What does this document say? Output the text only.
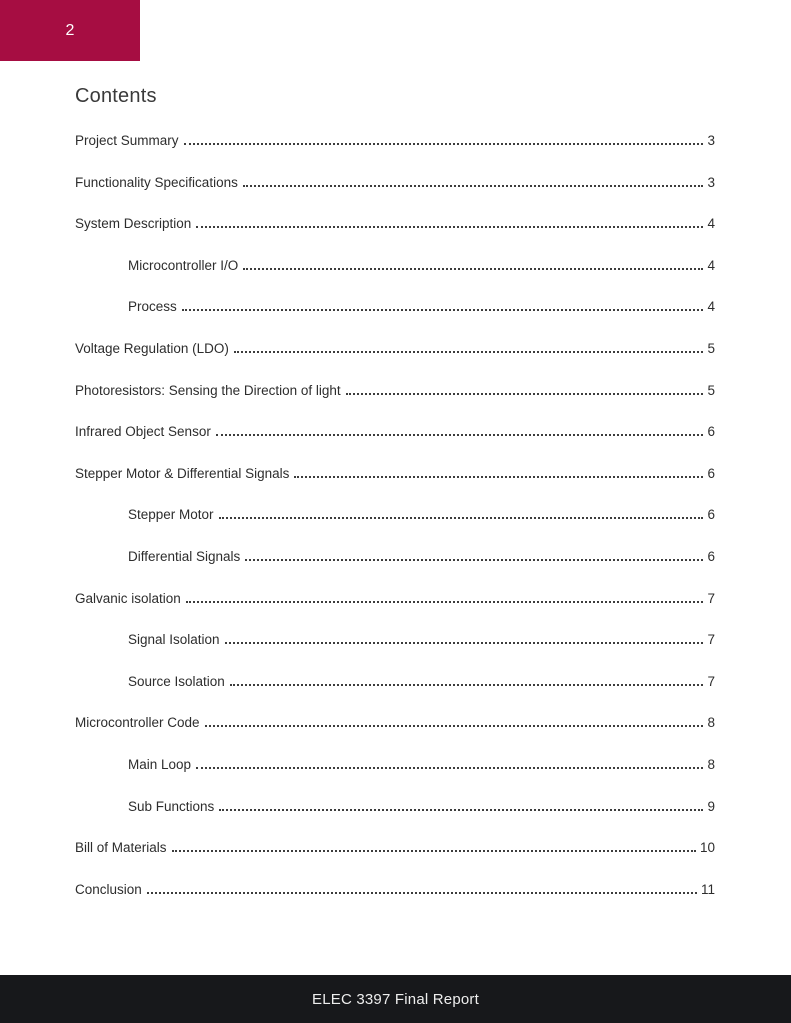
2
Contents
Project Summary	3
Functionality Specifications	3
System Description	4
Microcontroller I/O	4
Process	4
Voltage Regulation (LDO)	5
Photoresistors: Sensing the Direction of light	5
Infrared Object Sensor	6
Stepper Motor & Differential Signals	6
Stepper Motor	6
Differential Signals	6
Galvanic isolation	7
Signal Isolation	7
Source Isolation	7
Microcontroller Code	8
Main Loop	8
Sub Functions	9
Bill of Materials	10
Conclusion	11
ELEC 3397 Final Report
